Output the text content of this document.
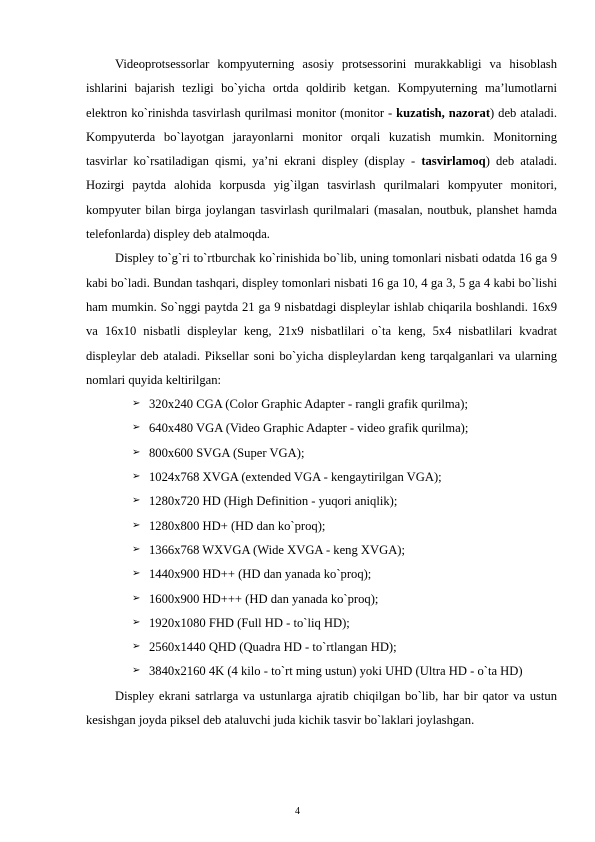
Videoprotsessorlar kompyuterning asosiy protsessorini murakkabligi va hisoblash ishlarini bajarish tezligi bo`yicha ortda qoldirib ketgan. Kompyuterning ma’lumotlarni elektron ko`rinishda tasvirlash qurilmasi monitor (monitor - kuzatish, nazorat) deb ataladi. Kompyuterda bo`layotgan jarayonlarni monitor orqali kuzatish mumkin. Monitorning tasvirlar ko`rsatiladigan qismi, ya’ni ekrani displey (display - tasvirlamoq) deb ataladi. Hozirgi paytda alohida korpusda yig`ilgan tasvirlash qurilmalari kompyuter monitori, kompyuter bilan birga joylangan tasvirlash qurilmalari (masalan, noutbuk, planshet hamda telefonlarda) displey deb atalmoqda.

Displey to`g`ri to`rtburchak ko`rinishida bo`lib, uning tomonlari nisbati odatda 16 ga 9 kabi bo`ladi. Bundan tashqari, displey tomonlari nisbati 16 ga 10, 4 ga 3, 5 ga 4 kabi bo`lishi ham mumkin. So`nggi paytda 21 ga 9 nisbatdagi displeylar ishlab chiqarila boshlandi. 16x9 va 16x10 nisbatli displeylar keng, 21x9 nisbatlilari o`ta keng, 5x4 nisbatlilari kvadrat displeylar deb ataladi. Piksellar soni bo`yicha displeylardan keng tarqalganlari va ularning nomlari quyida keltirilgan:

➢ 320x240 CGA (Color Graphic Adapter - rangli grafik qurilma);
➢ 640x480 VGA (Video Graphic Adapter - video grafik qurilma);
➢ 800x600 SVGA (Super VGA);
➢ 1024x768 XVGA (extended VGA - kengaytirilgan VGA);
➢ 1280x720 HD (High Definition - yuqori aniqlik);
➢ 1280x800 HD+ (HD dan ko`proq);
➢ 1366x768 WXVGA (Wide XVGA - keng XVGA);
➢ 1440x900 HD++ (HD dan yanada ko`proq);
➢ 1600x900 HD+++ (HD dan yanada ko`proq);
➢ 1920x1080 FHD (Full HD - to`liq HD);
➢ 2560x1440 QHD (Quadra HD - to`rtlangan HD);
➢ 3840x2160 4K (4 kilo - to`rt ming ustun) yoki UHD (Ultra HD - o`ta HD)

Displey ekrani satrlarga va ustunlarga ajratib chiqilgan bo`lib, har bir qator va ustun kesishgan joyda piksel deb ataluvchi juda kichik tasvir bo`laklari joylashgan.

4
